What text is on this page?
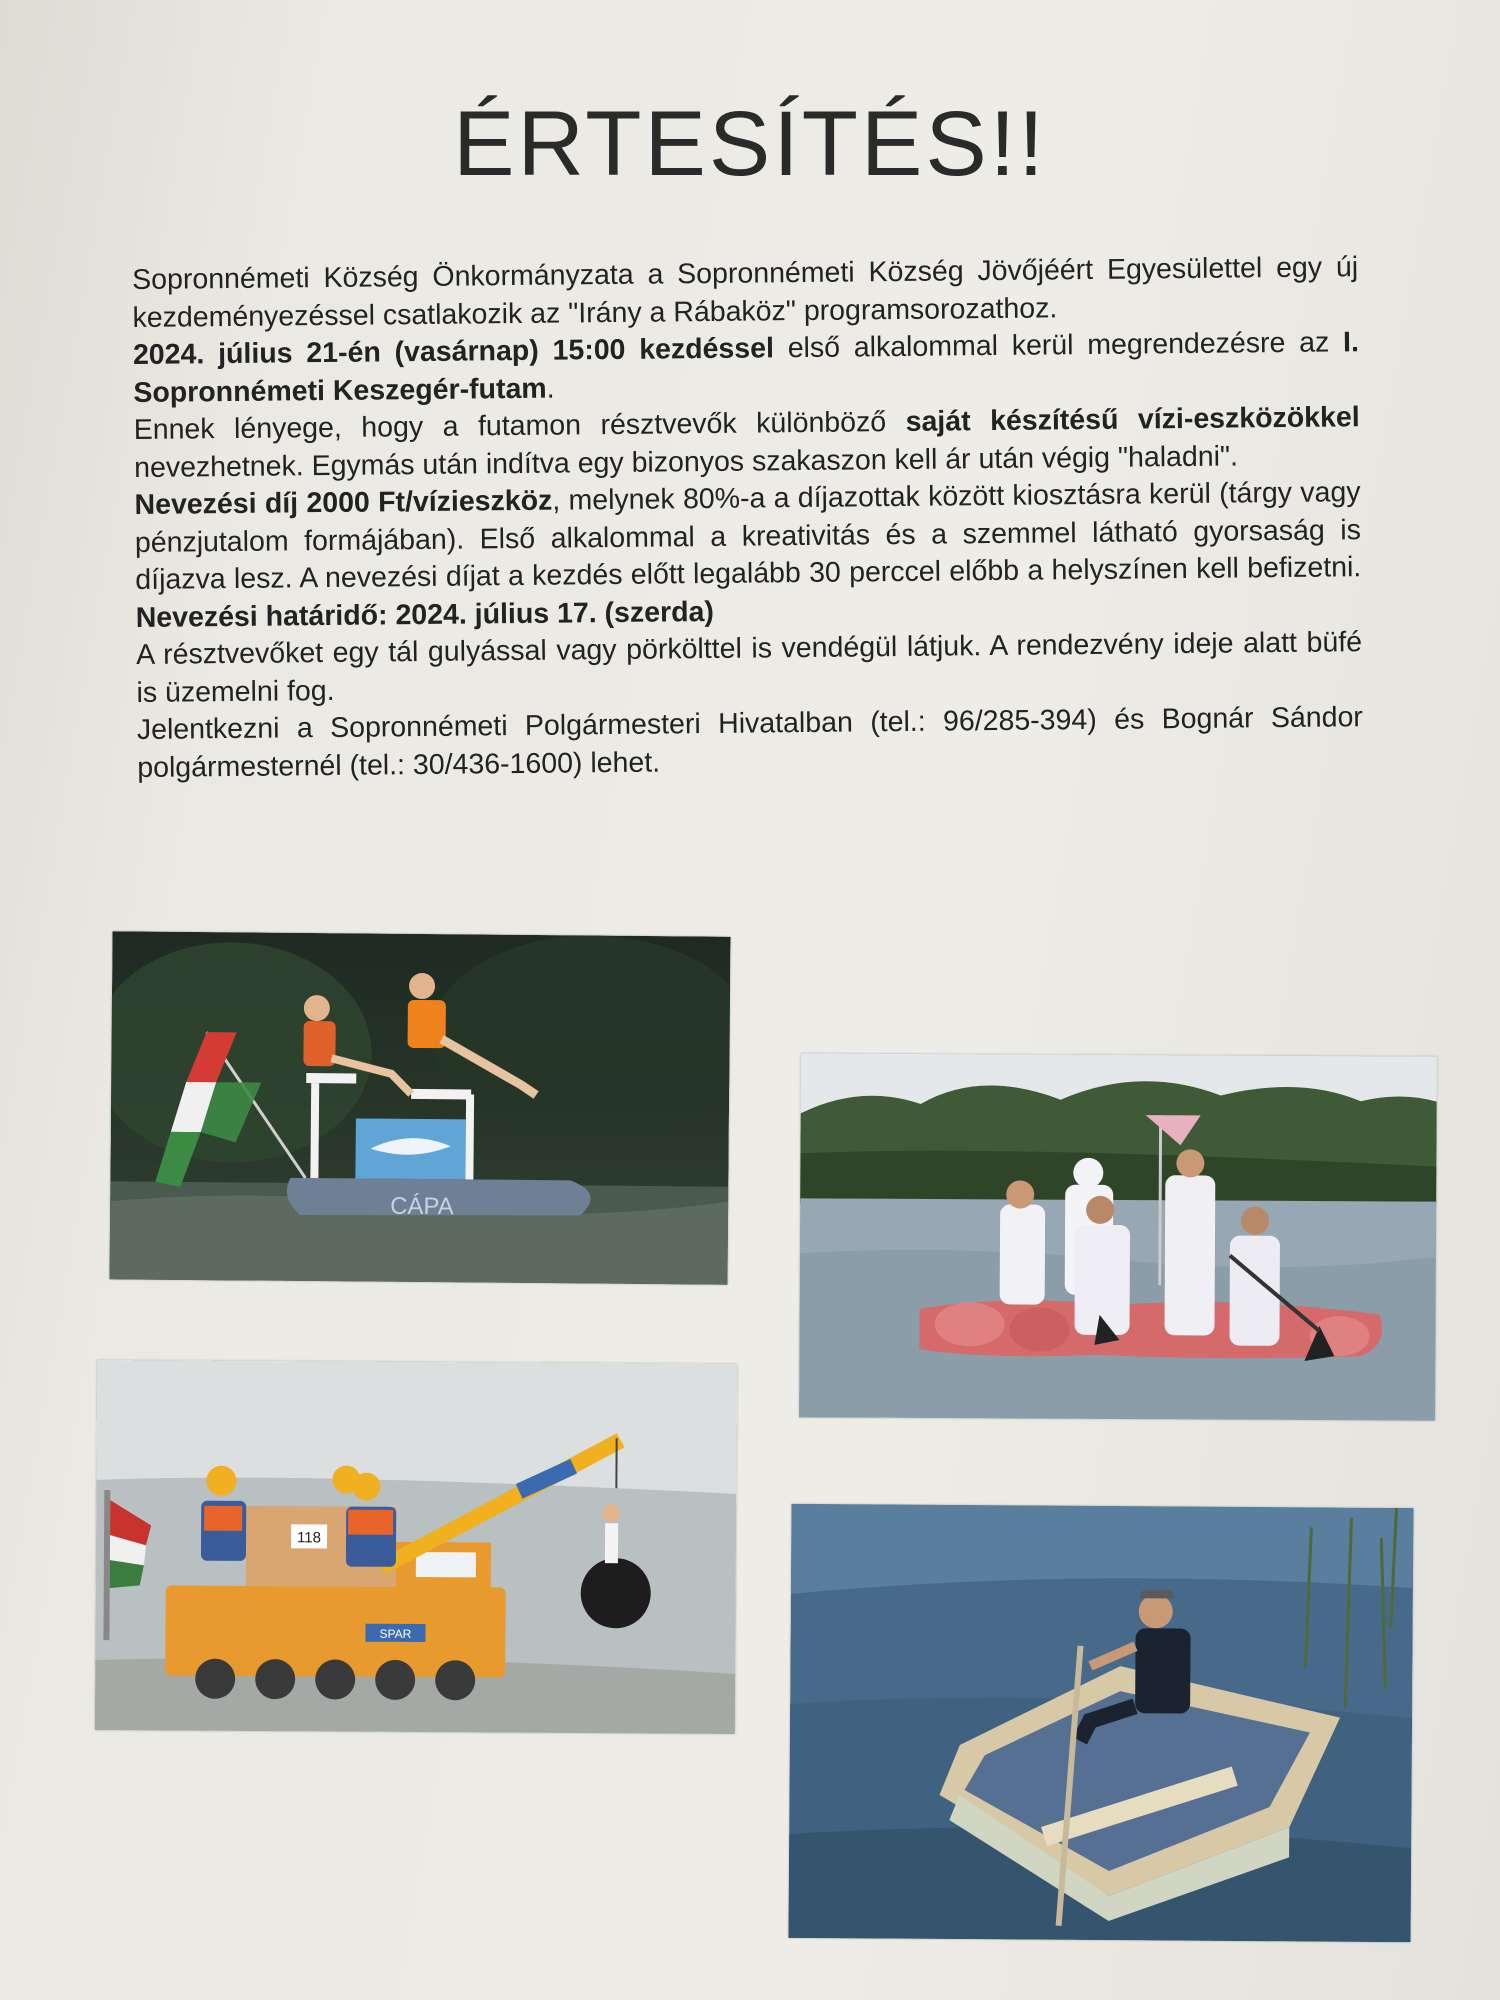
ÉRTESÍTÉS!!

Sopronnémeti Község Önkormányzata a Sopronnémeti Község Jövőjéért Egyesülettel egy új kezdeményezéssel csatlakozik az "Irány a Rábaköz" programsorozathoz.

2024. július 21-én (vasárnap) 15:00 kezdéssel első alkalommal kerül megrendezésre az I. Sopronnémeti Keszegér-futam.

Ennek lényege, hogy a futamon résztvevők különböző saját készítésű vízi-eszközökkel nevezhetnek. Egymás után indítva egy bizonyos szakaszon kell ár után végig "haladni".

Nevezési díj 2000 Ft/vízieszköz, melynek 80%-a a díjazottak között kiosztásra kerül (tárgy vagy pénzjutalom formájában). Első alkalommal a kreativitás és a szemmel látható gyorsaság is díjazva lesz. A nevezési díjat a kezdés előtt legalább 30 perccel előbb a helyszínen kell befizetni. Nevezési határidő: 2024. július 17. (szerda)

A résztvevőket egy tál gulyással vagy pörkölttel is vendégül látjuk. A rendezvény ideje alatt büfé is üzemelni fog.

Jelentkezni a Sopronnémeti Polgármesteri Hivatalban (tel.: 96/285-394) és Bognár Sándor polgármesternél (tel.: 30/436-1600) lehet.

CÁPA
118
SPAR
